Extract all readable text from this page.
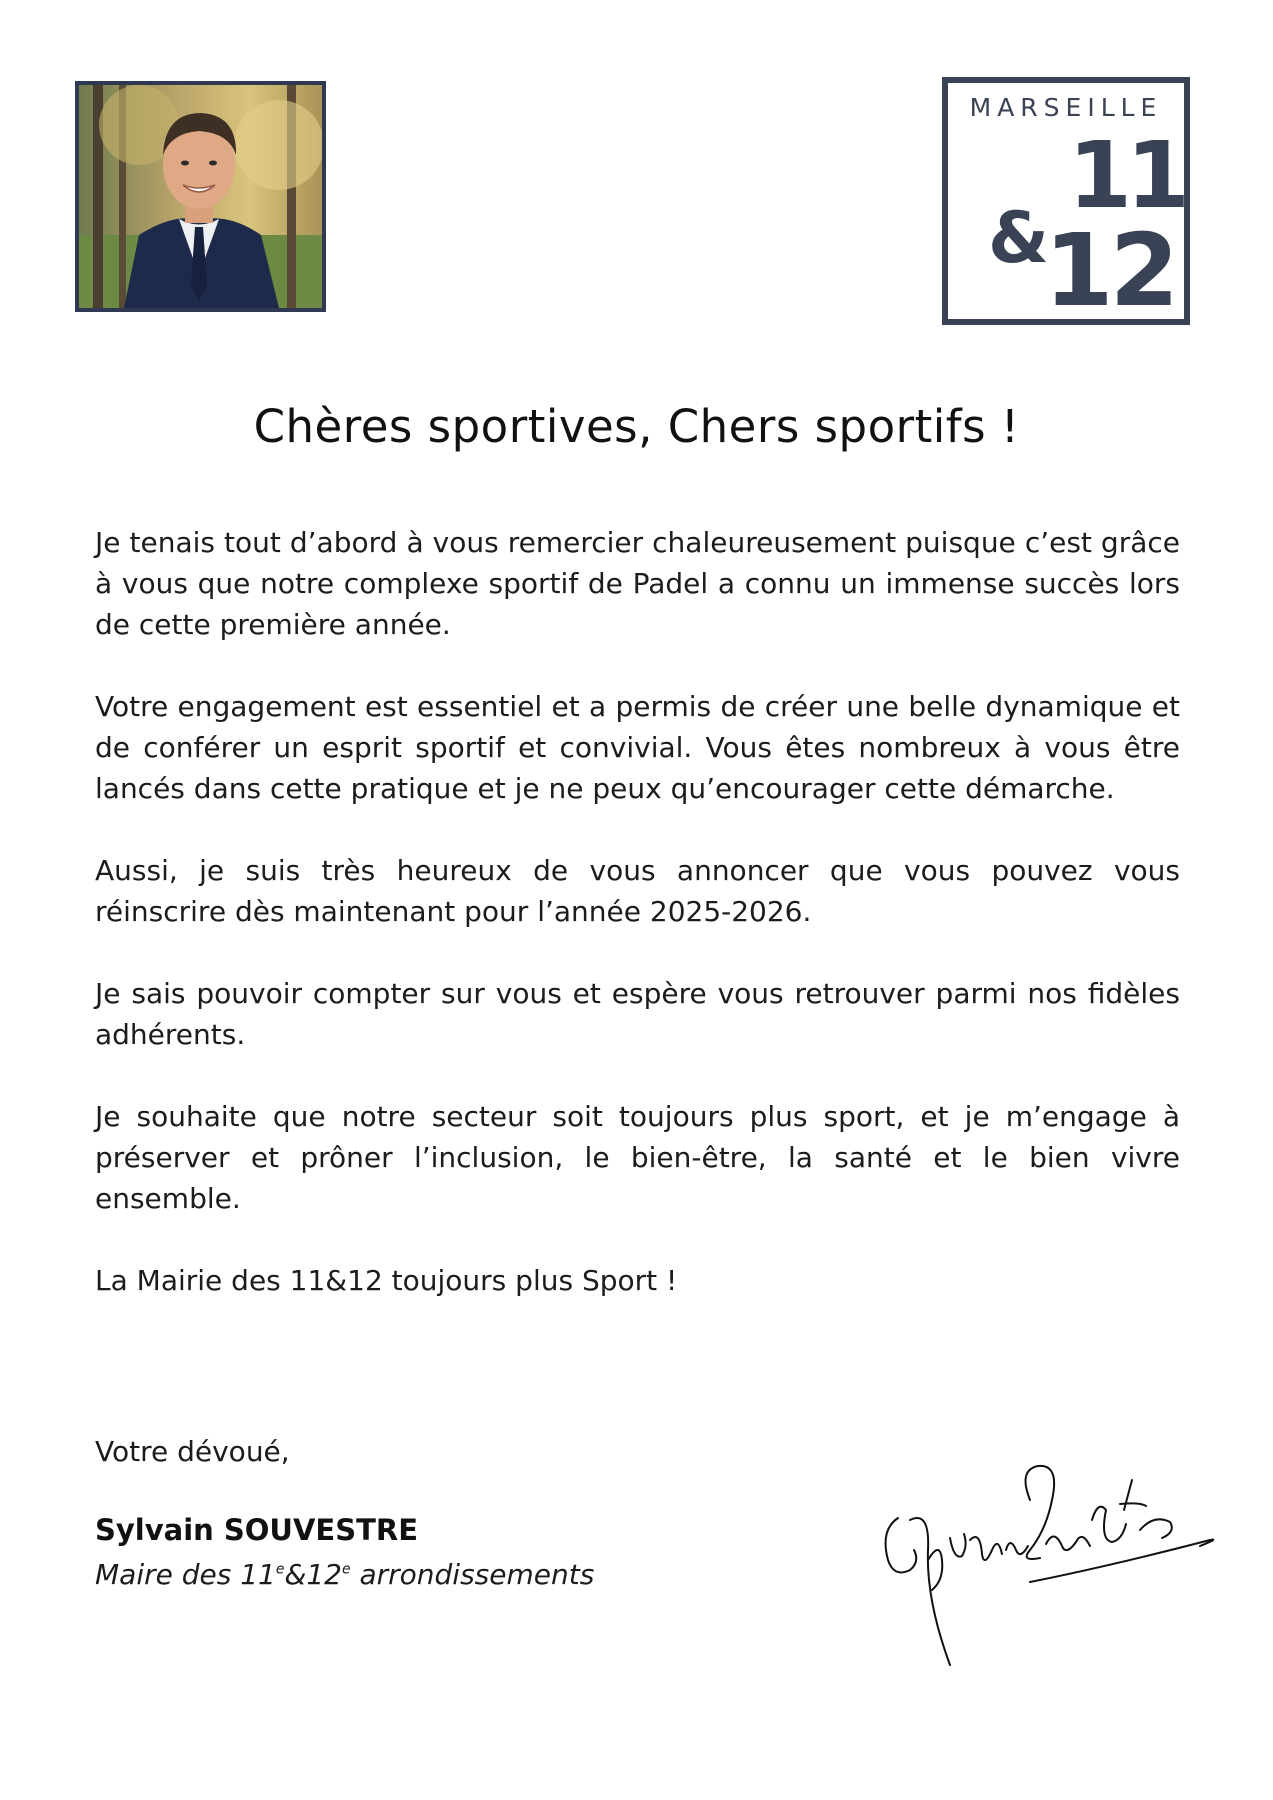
MARSEILLE
11
&
12
Chères sportives, Chers sportifs !

Je tenais tout d’abord à vous remercier chaleureusement puisque c’est grâce à vous que notre complexe sportif de Padel a connu un immense succès lors de cette première année.

Votre engagement est essentiel et a permis de créer une belle dynamique et de conférer un esprit sportif et convivial. Vous êtes nombreux à vous être lancés dans cette pratique et je ne peux qu’encourager cette démarche.

Aussi, je suis très heureux de vous annoncer que vous pouvez vous réinscrire dès maintenant pour l’année 2025-2026.

Je sais pouvoir compter sur vous et espère vous retrouver parmi nos fidèles adhérents.

Je souhaite que notre secteur soit toujours plus sport, et je m’engage à préserver et prôner l’inclusion, le bien-être, la santé et le bien vivre ensemble.

La Mairie des 11&12 toujours plus Sport !

Votre dévoué,
Sylvain SOUVESTRE
Maire des 11e&12e arrondissements
